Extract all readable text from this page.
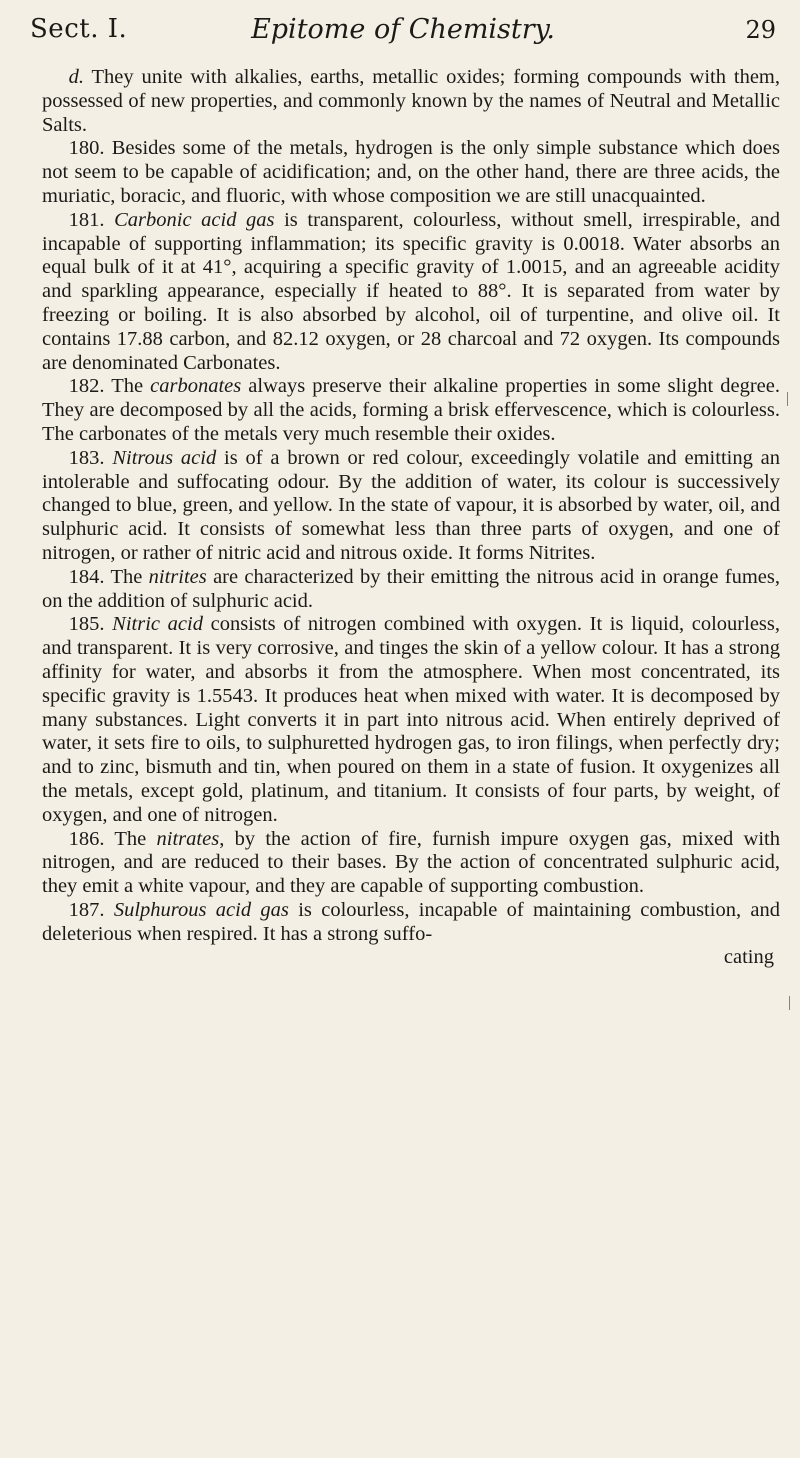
Sect. I.	Epitome of Chemistry.	29

d. They unite with alkalies, earths, metallic oxides; forming compounds with them, possessed of new properties, and commonly known by the names of Neutral and Metallic Salts.

180. Besides some of the metals, hydrogen is the only simple substance which does not seem to be capable of acidification; and, on the other hand, there are three acids, the muriatic, boracic, and fluoric, with whose composition we are still unacquainted.

181. Carbonic acid gas is transparent, colourless, without smell, irrespirable, and incapable of supporting inflammation; its specific gravity is 0.0018. Water absorbs an equal bulk of it at 41°, acquiring a specific gravity of 1.0015, and an agreeable acidity and sparkling appearance, especially if heated to 88°. It is separated from water by freezing or boiling. It is also absorbed by alcohol, oil of turpentine, and olive oil. It contains 17.88 carbon, and 82.12 oxygen, or 28 charcoal and 72 oxygen. Its compounds are denominated Carbonates.

182. The carbonates always preserve their alkaline properties in some slight degree. They are decomposed by all the acids, forming a brisk effervescence, which is colourless. The carbonates of the metals very much resemble their oxides.

183. Nitrous acid is of a brown or red colour, exceedingly volatile and emitting an intolerable and suffocating odour. By the addition of water, its colour is successively changed to blue, green, and yellow. In the state of vapour, it is absorbed by water, oil, and sulphuric acid. It consists of somewhat less than three parts of oxygen, and one of nitrogen, or rather of nitric acid and nitrous oxide. It forms Nitrites.

184. The nitrites are characterized by their emitting the nitrous acid in orange fumes, on the addition of sulphuric acid.

185. Nitric acid consists of nitrogen combined with oxygen. It is liquid, colourless, and transparent. It is very corrosive, and tinges the skin of a yellow colour. It has a strong affinity for water, and absorbs it from the atmosphere. When most concentrated, its specific gravity is 1.5543. It produces heat when mixed with water. It is decomposed by many substances. Light converts it in part into nitrous acid. When entirely deprived of water, it sets fire to oils, to sulphuretted hydrogen gas, to iron filings, when perfectly dry; and to zinc, bismuth and tin, when poured on them in a state of fusion. It oxygenizes all the metals, except gold, platinum, and titanium. It consists of four parts, by weight, of oxygen, and one of nitrogen.

186. The nitrates, by the action of fire, furnish impure oxygen gas, mixed with nitrogen, and are reduced to their bases. By the action of concentrated sulphuric acid, they emit a white vapour, and they are capable of supporting combustion.

187. Sulphurous acid gas is colourless, incapable of maintaining combustion, and deleterious when respired. It has a strong suffo-

cating
